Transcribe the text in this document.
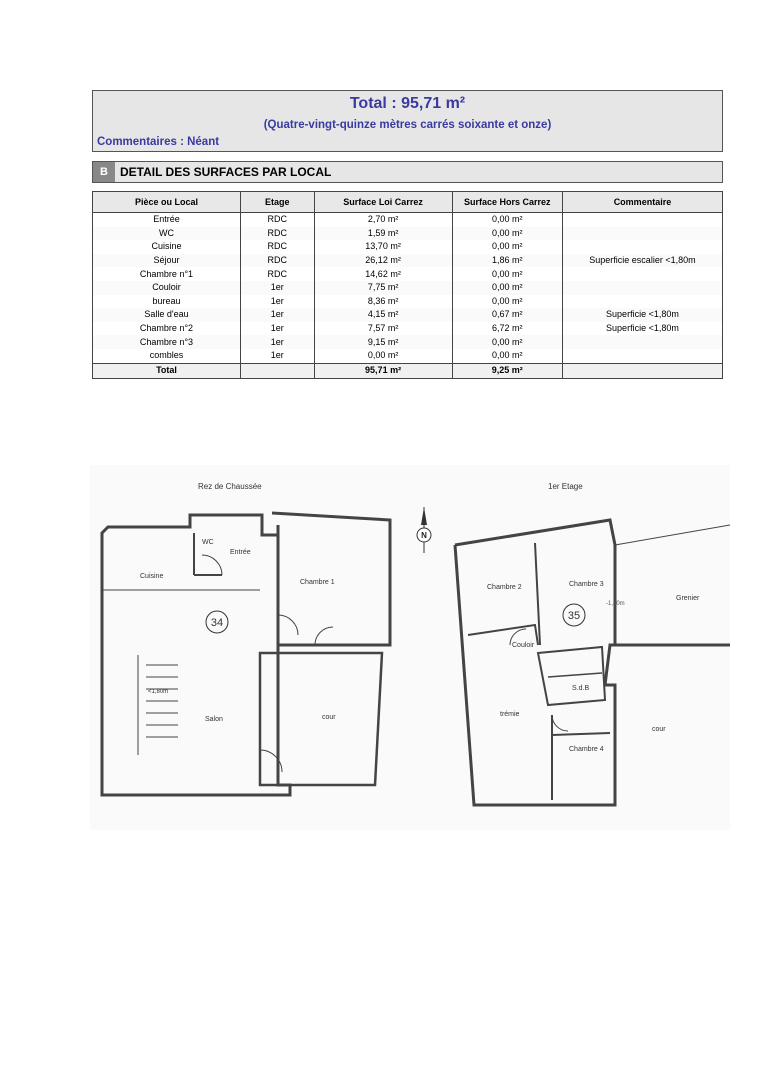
Total : 95,71 m²
(Quatre-vingt-quinze mètres carrés soixante et onze)
Commentaires : Néant
B	DETAIL DES SURFACES PAR LOCAL
Pièce ou Local	Etage	Surface Loi Carrez	Surface Hors Carrez	Commentaire
Entrée	RDC	2,70 m²	0,00 m²	
WC	RDC	1,59 m²	0,00 m²	
Cuisine	RDC	13,70 m²	0,00 m²	
Séjour	RDC	26,12 m²	1,86 m²	Superficie escalier <1,80m
Chambre n°1	RDC	14,62 m²	0,00 m²	
Couloir	1er	7,75 m²	0,00 m²	
bureau	1er	8,36 m²	0,00 m²	
Salle d'eau	1er	4,15 m²	0,67 m²	Superficie <1,80m
Chambre n°2	1er	7,57 m²	6,72 m²	Superficie <1,80m
Chambre n°3	1er	9,15 m²	0,00 m²	
combles	1er	0,00 m²	0,00 m²	
Total		95,71 m²	9,25 m²	
Rez de Chaussée
WC
Entrée
Cuisine
Chambre 1
34
<1,80m
Salon	cour
N
1er Etage
Chambre 2	Chambre 3
-1,80m
Grenier
35
Couloir
S.d.B
trémie
Chambre 4
cour
